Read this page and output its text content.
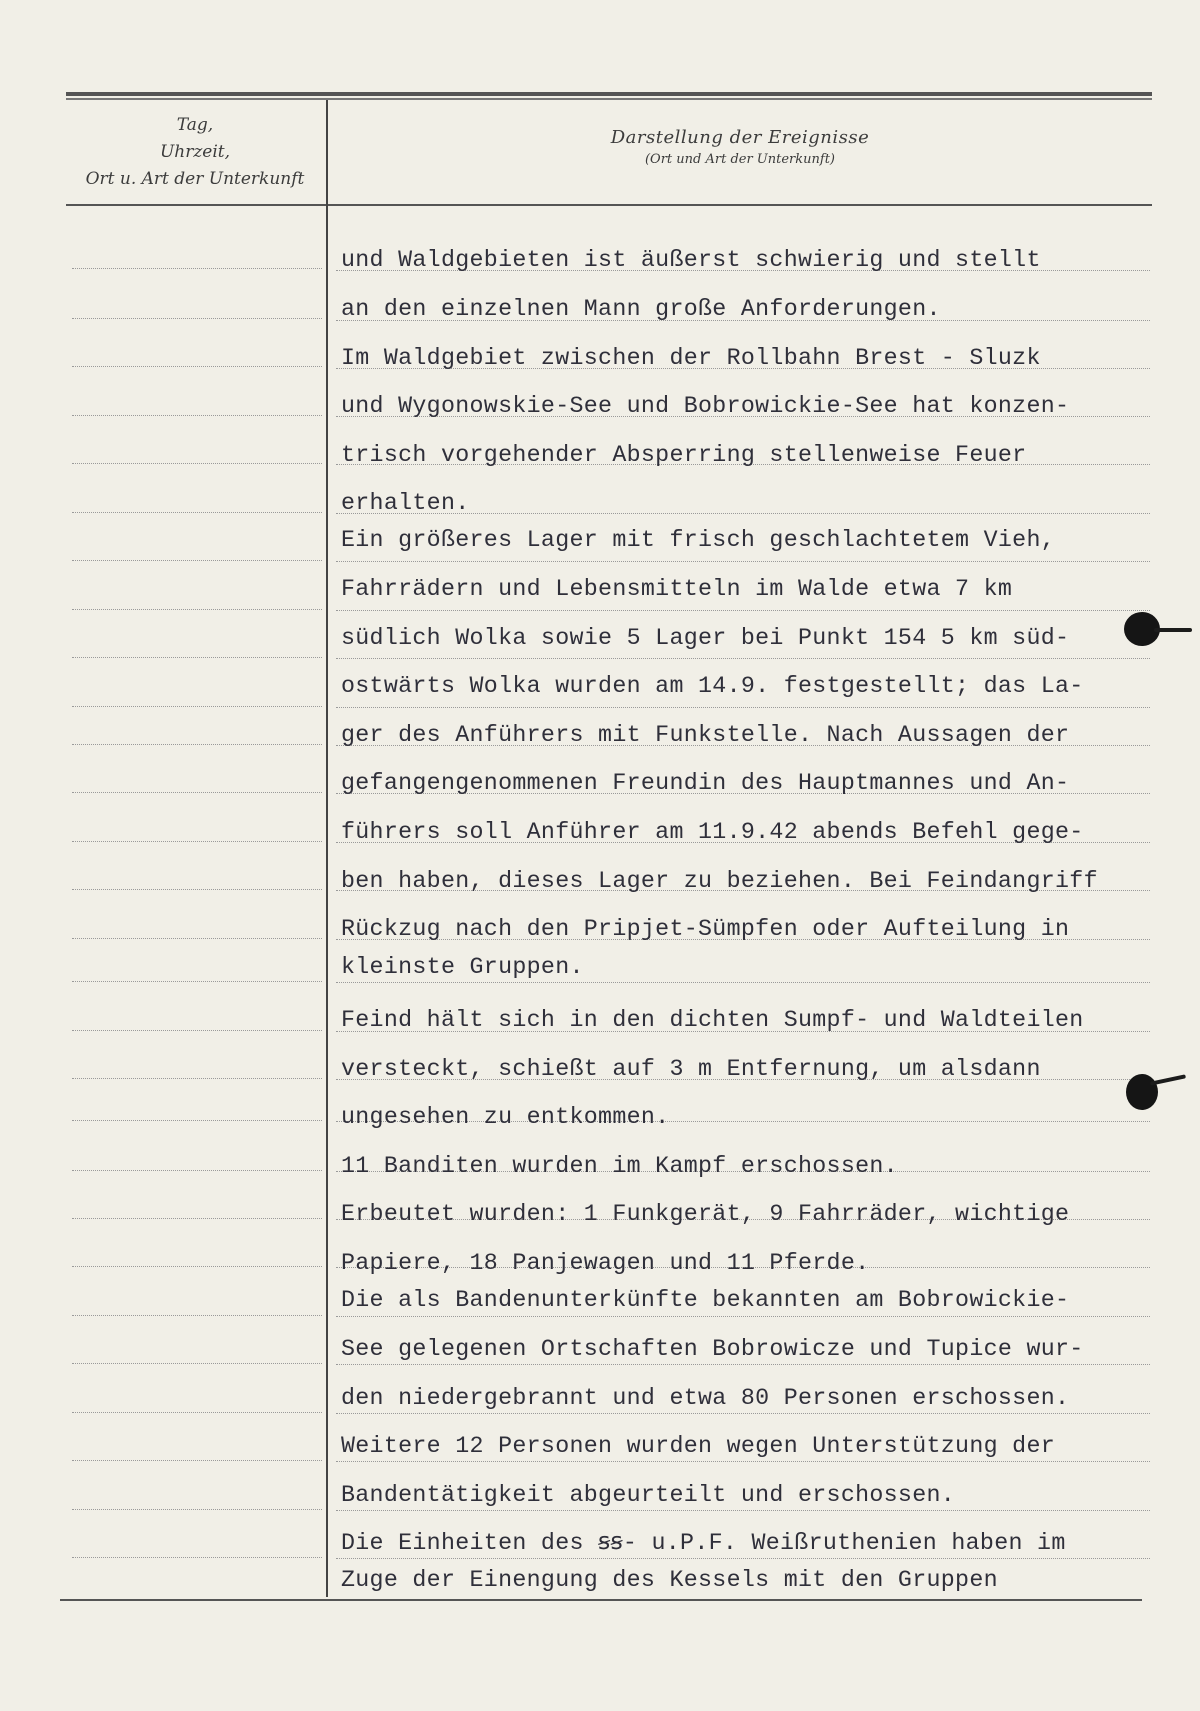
Tag,
Uhrzeit,
Ort u. Art der Unterkunft
Darstellung der Ereignisse
(Ort und Art der Unterkunft)
und Waldgebieten ist äußerst schwierig und stellt
an den einzelnen Mann große Anforderungen.
Im Waldgebiet zwischen der Rollbahn Brest - Sluzk
und Wygonowskie-See und Bobrowickie-See hat konzen-
trisch vorgehender Absperring stellenweise Feuer
erhalten.
Ein größeres Lager mit frisch geschlachtetem Vieh,
Fahrrädern und Lebensmitteln im Walde etwa 7 km
südlich Wolka sowie 5 Lager bei Punkt 154 5 km süd-
ostwärts Wolka wurden am 14.9. festgestellt; das La-
ger des Anführers mit Funkstelle. Nach Aussagen der
gefangengenommenen Freundin des Hauptmannes und An-
führers soll Anführer am 11.9.42 abends Befehl gege-
ben haben, dieses Lager zu beziehen. Bei Feindangriff
Rückzug nach den Pripjet-Sümpfen oder Aufteilung in
kleinste Gruppen.
Feind hält sich in den dichten Sumpf- und Waldteilen
versteckt, schießt auf 3 m Entfernung, um alsdann
ungesehen zu entkommen.
11 Banditen wurden im Kampf erschossen.
Erbeutet wurden: 1 Funkgerät, 9 Fahrräder, wichtige
Papiere, 18 Panjewagen und 11 Pferde.
Die als Bandenunterkünfte bekannten am Bobrowickie-
See gelegenen Ortschaften Bobrowicze und Tupice wur-
den niedergebrannt und etwa 80 Personen erschossen.
Weitere 12 Personen wurden wegen Unterstützung der
Bandentätigkeit abgeurteilt und erschossen.
Die Einheiten des ꞩꞩ- u.P.F. Weißruthenien haben im
Zuge der Einengung des Kessels mit den Gruppen
